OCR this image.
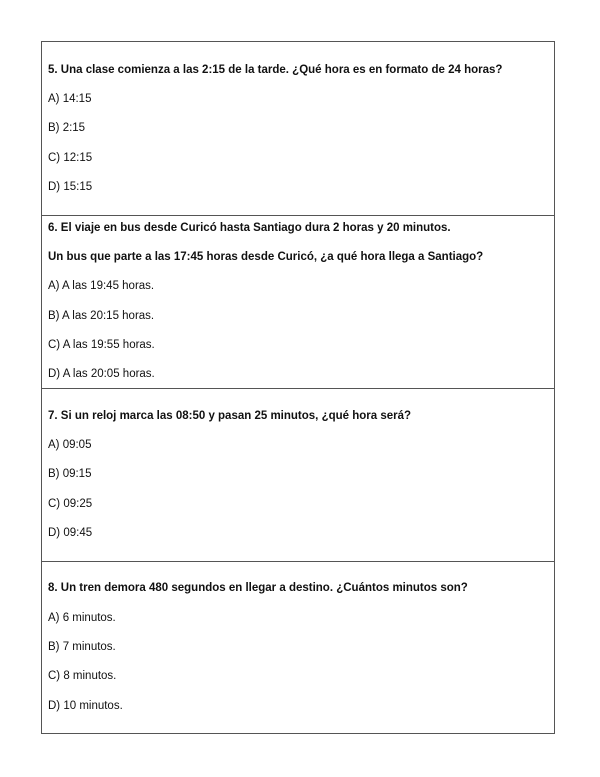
5. Una clase comienza a las 2:15 de la tarde. ¿Qué hora es en formato de 24 horas?
A) 14:15
B) 2:15
C) 12:15
D) 15:15
6. El viaje en bus desde Curicó hasta Santiago dura 2 horas y 20 minutos.
Un bus que parte a las 17:45 horas desde Curicó, ¿a qué hora llega a Santiago?
A) A las 19:45 horas.
B) A las 20:15 horas.
C) A las 19:55 horas.
D) A las 20:05 horas.
7. Si un reloj marca las 08:50 y pasan 25 minutos, ¿qué hora será?
A) 09:05
B) 09:15
C) 09:25
D) 09:45
8. Un tren demora 480 segundos en llegar a destino. ¿Cuántos minutos son?
A) 6 minutos.
B) 7 minutos.
C) 8 minutos.
D) 10 minutos.
